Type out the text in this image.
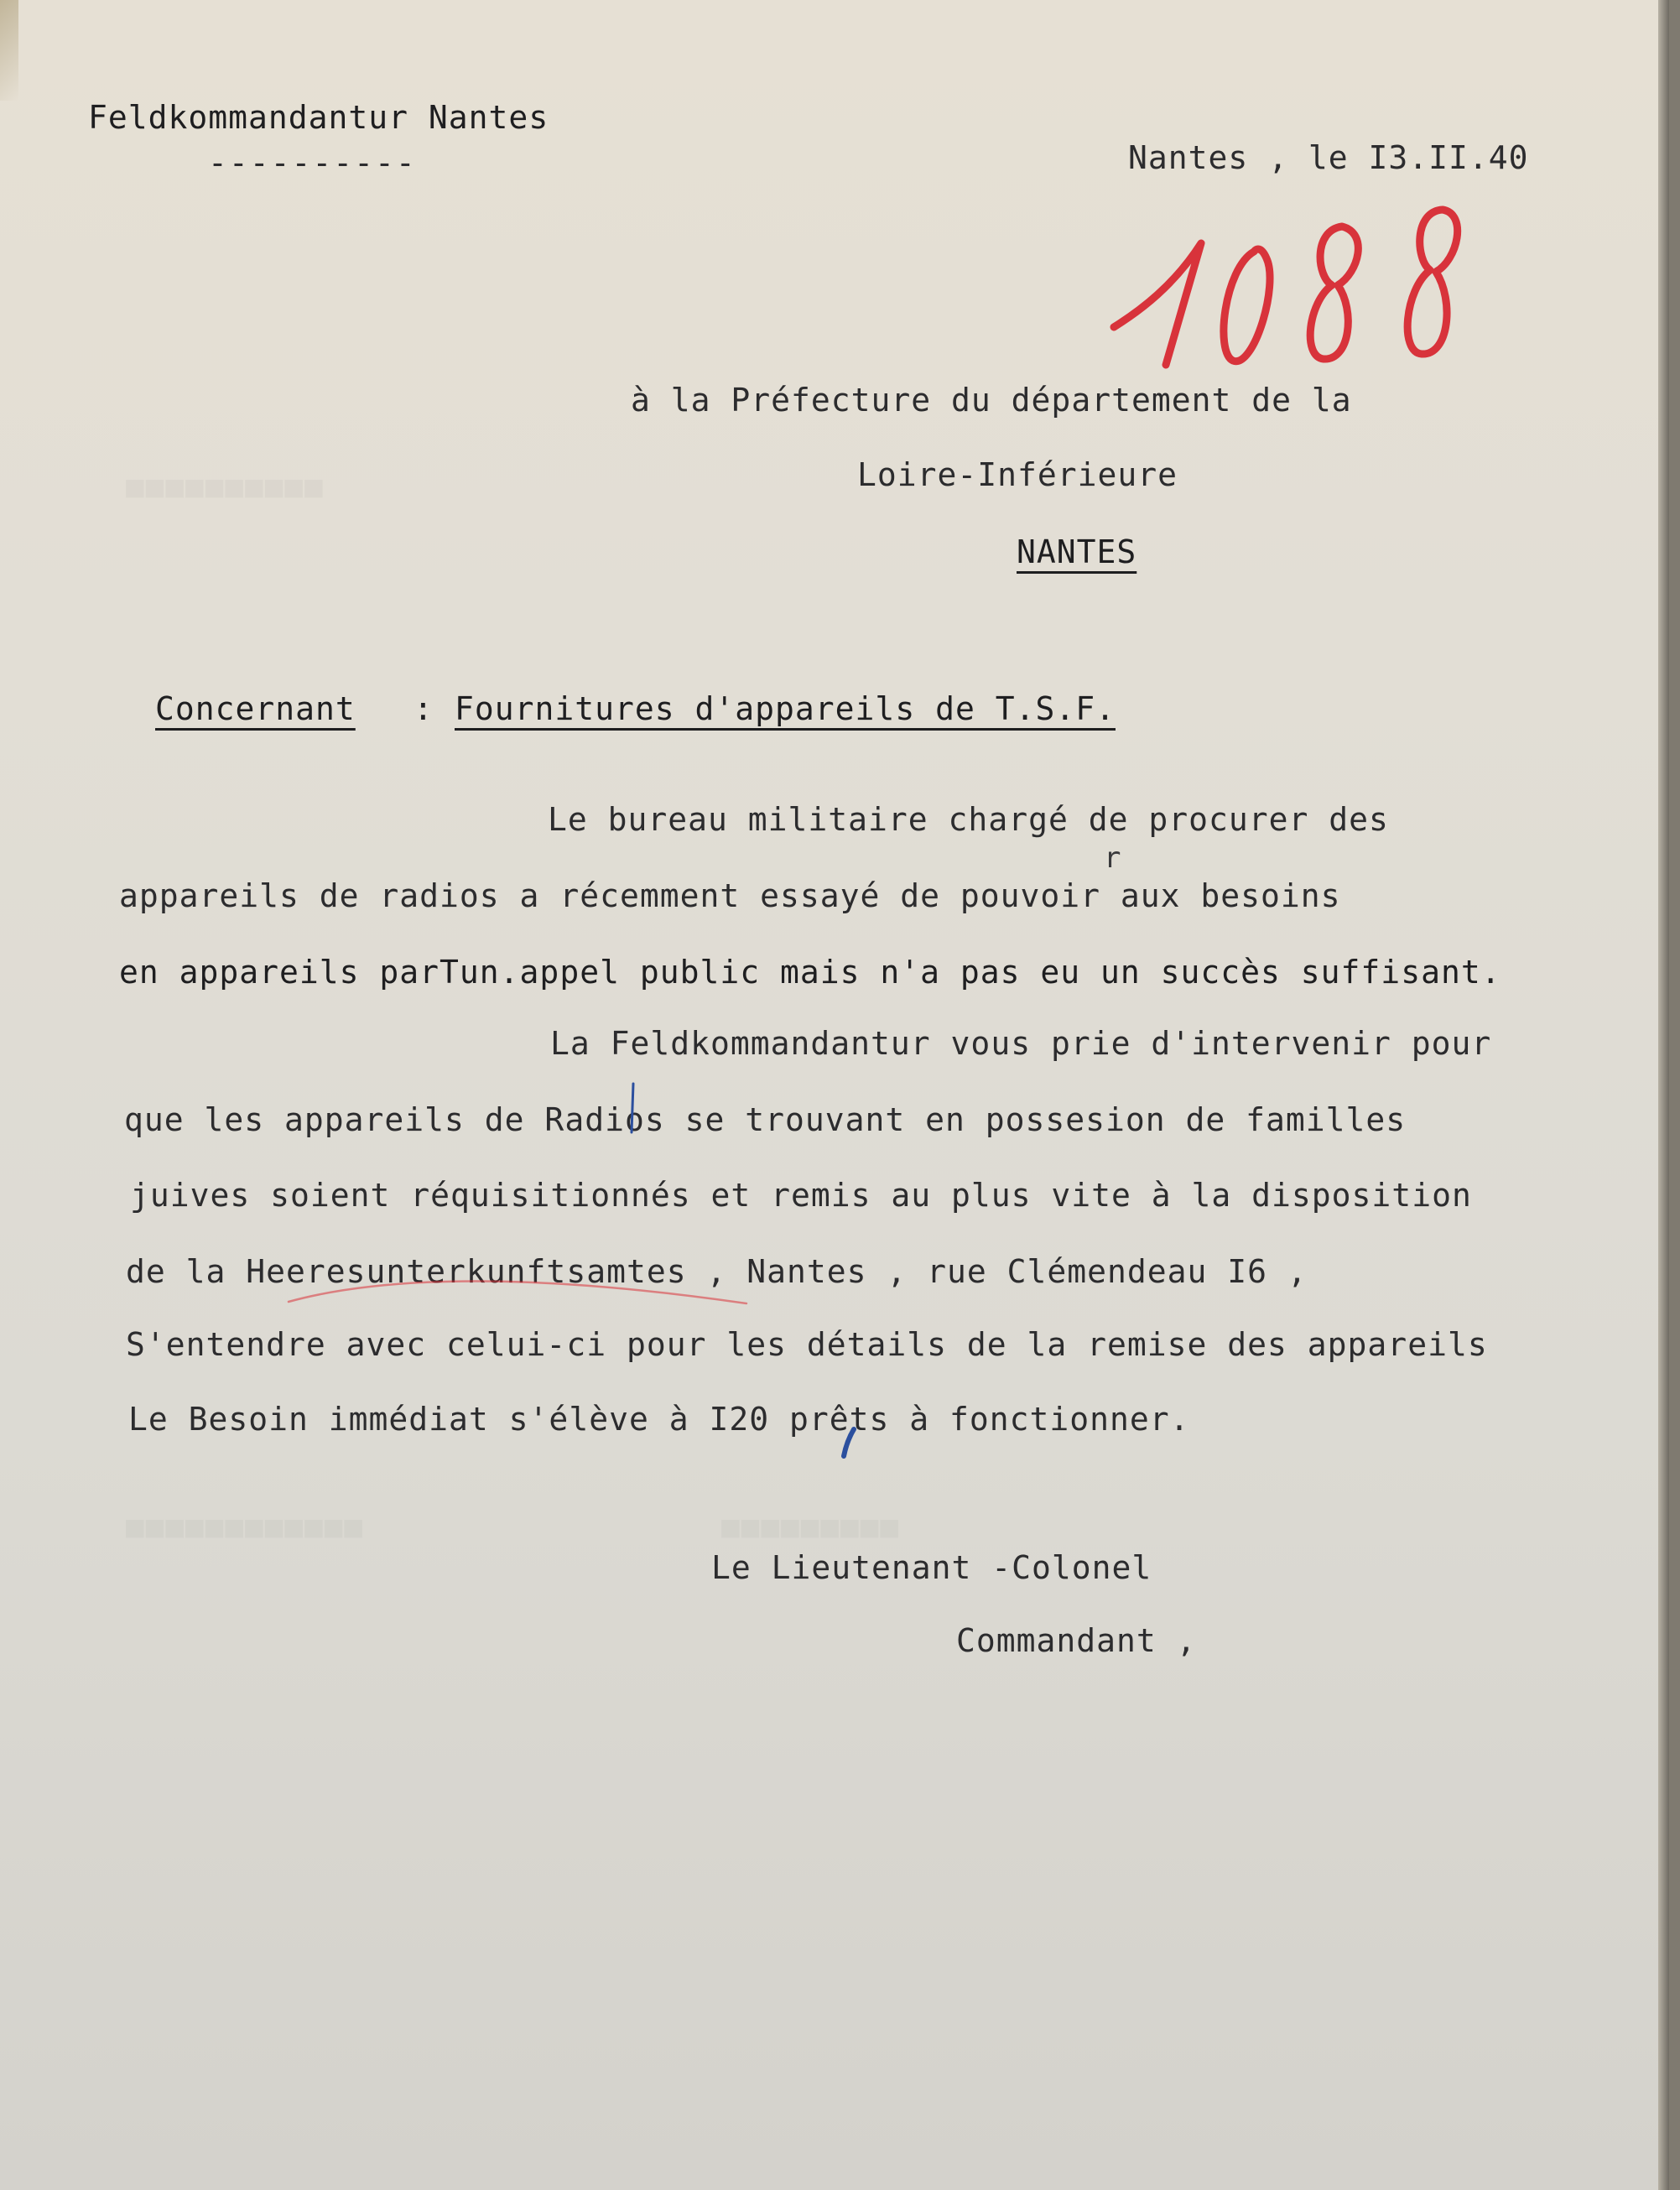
■■■■■■■■■■
■■■■■■■■■■■■	■■■■■■■■■
Feldkommandantur Nantes
----------	Nantes , le I3.II.40
à la Préfecture du département de la
Loire-Inférieure
NANTES
Concernant : Fournitures d'appareils de T.S.F.
Le bureau militaire chargé de procurer des
r
appareils de radios a récemment essayé de pouvoir aux besoins
en appareils parTun.appel public mais n'a pas eu un succès suffisant.
La Feldkommandantur vous prie d'intervenir pour
que les appareils de Radios se trouvant en possesion de familles
juives soient réquisitionnés et remis au plus vite à la disposition
de la Heeresunterkunftsamtes , Nantes , rue Clémendeau I6 ,
S'entendre avec celui-ci pour les détails de la remise des appareils
Le Besoin immédiat s'élève à I20 prêts à fonctionner.
Le Lieutenant -Colonel
Commandant ,
